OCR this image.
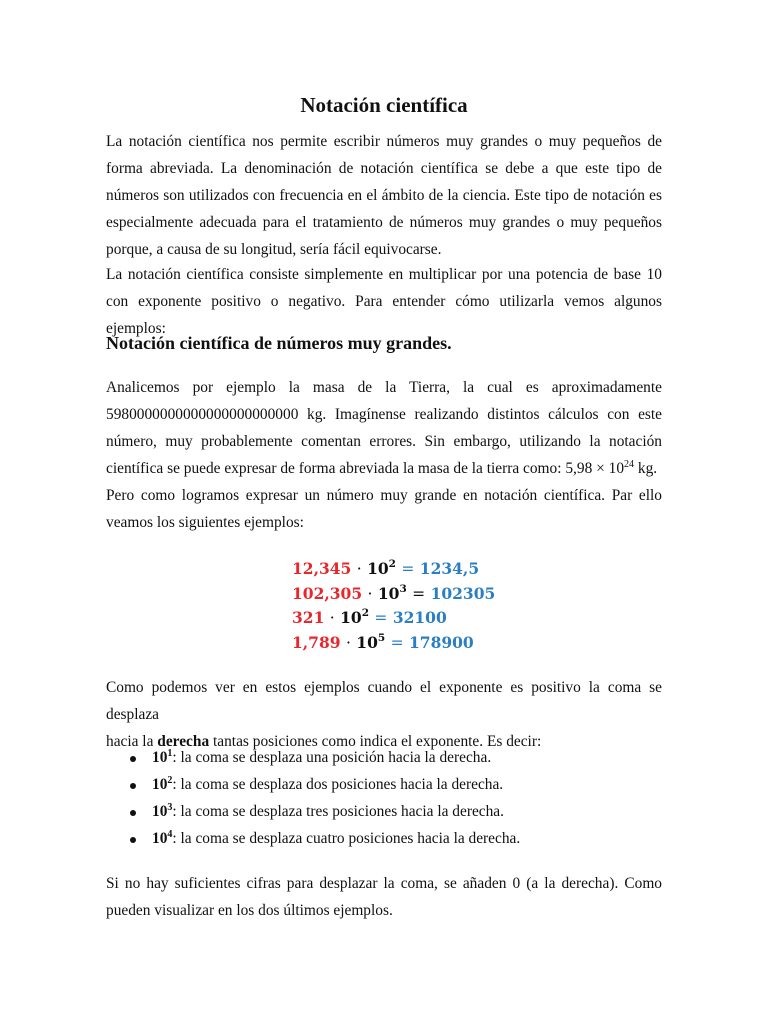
Notación científica

La notación científica nos permite escribir números muy grandes o muy pequeños de forma abreviada. La denominación de notación científica se debe a que este tipo de números son utilizados con frecuencia en el ámbito de la ciencia. Este tipo de notación es especialmente adecuada para el tratamiento de números muy grandes o muy pequeños porque, a causa de su longitud, sería fácil equivocarse.

La notación científica consiste simplemente en multiplicar por una potencia de base 10 con exponente positivo o negativo. Para entender cómo utilizarla vemos algunos ejemplos:

Notación científica de números muy grandes.

Analicemos por ejemplo la masa de la Tierra, la cual es aproximadamente
5980000000000000000000000 kg. Imagínense realizando distintos cálculos con este
número, muy probablemente comentan errores. Sin embargo, utilizando la notación
científica se puede expresar de forma abreviada la masa de la tierra como: $5,98 \times 10^{24}$ kg.

Pero como logramos expresar un número muy grande en notación científica. Par ello
veamos los siguientes ejemplos:

$12,345 \cdot 10^2 = 1234,5$
$102,305 \cdot 10^3 = 102305$
$321 \cdot 10^2 = 32100$
$1,789 \cdot 10^5 = 178900$

Como podemos ver en estos ejemplos cuando el exponente es positivo la coma se desplaza
hacia la derecha tantas posiciones como indica el exponente. Es decir:

$10^1$: la coma se desplaza una posición hacia la derecha.
$10^2$: la coma se desplaza dos posiciones hacia la derecha.
$10^3$: la coma se desplaza tres posiciones hacia la derecha.
$10^4$: la coma se desplaza cuatro posiciones hacia la derecha.

Si no hay suficientes cifras para desplazar la coma, se añaden 0 (a la derecha). Como
pueden visualizar en los dos últimos ejemplos.
